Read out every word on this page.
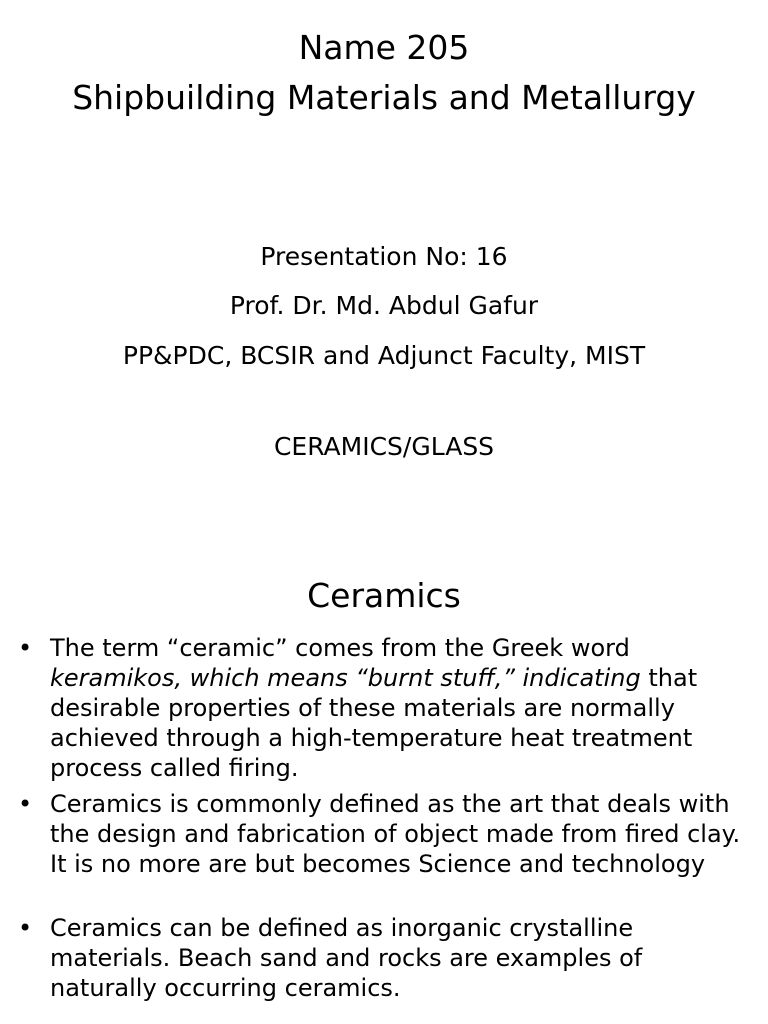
Name 205
Shipbuilding Materials and Metallurgy
Presentation No: 16
Prof. Dr. Md. Abdul Gafur
PP&PDC, BCSIR and Adjunct Faculty, MIST
CERAMICS/GLASS
Ceramics
• The term “ceramic” comes from the Greek word keramikos, which means “burnt stuff,” indicating that desirable properties of these materials are normally achieved through a high-temperature heat treatment process called firing.
• Ceramics is commonly defined as the art that deals with the design and fabrication of object made from fired clay. It is no more are but becomes Science and technology
• Ceramics can be defined as inorganic crystalline materials. Beach sand and rocks are examples of naturally occurring ceramics.
